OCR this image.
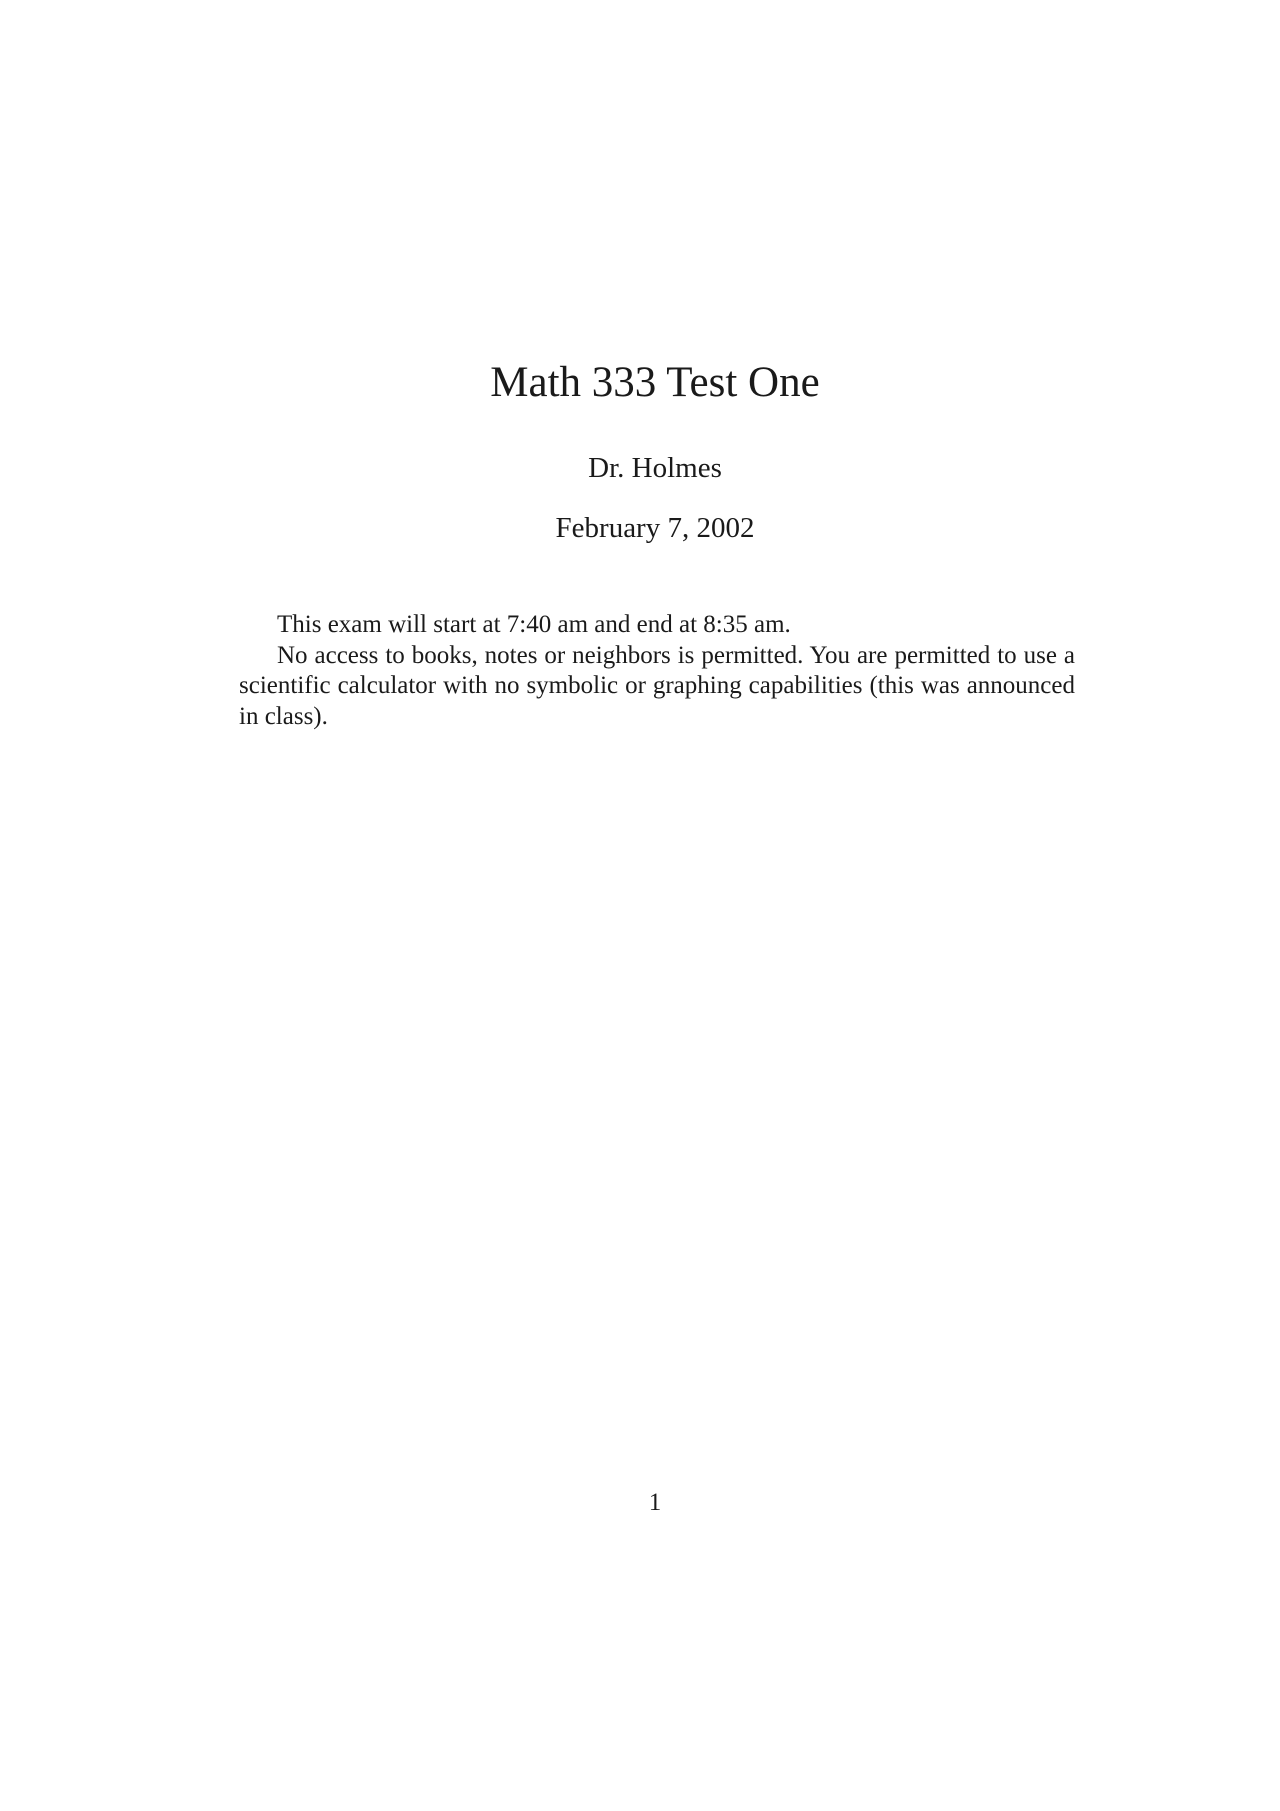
Math 333 Test One
Dr. Holmes
February 7, 2002

This exam will start at 7:40 am and end at 8:35 am.

No access to books, notes or neighbors is permitted. You are permitted to use a scientific calculator with no symbolic or graphing capabilities (this was announced in class).

1
